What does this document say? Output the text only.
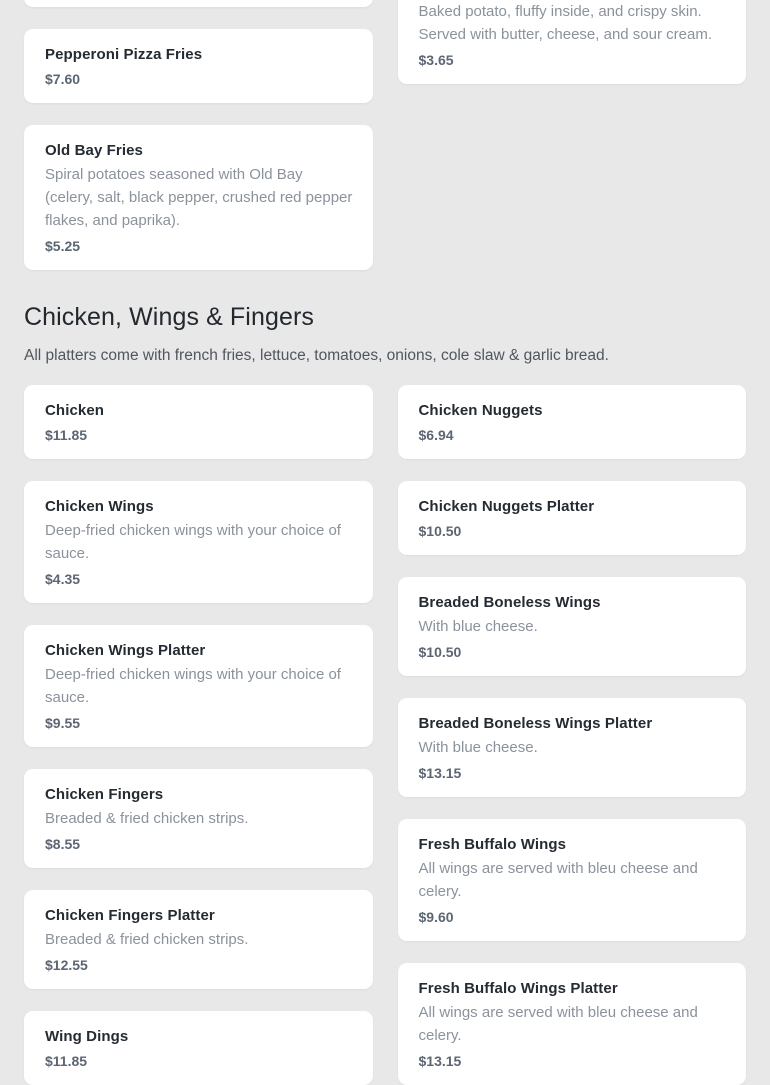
Pepperoni Pizza Fries
$7.60
Old Bay Fries
Spiral potatoes seasoned with Old Bay (celery, salt, black pepper, crushed red pepper flakes, and paprika).
$5.25
Baked potato, fluffy inside, and crispy skin. Served with butter, cheese, and sour cream.
$3.65
Chicken, Wings & Fingers

All platters come with french fries, lettuce, tomatoes, onions, cole slaw & garlic bread.

Chicken
$11.85
Chicken Wings
Deep-fried chicken wings with your choice of sauce.
$4.35
Chicken Wings Platter
Deep-fried chicken wings with your choice of sauce.
$9.55
Chicken Fingers
Breaded & fried chicken strips.
$8.55
Chicken Fingers Platter
Breaded & fried chicken strips.
$12.55
Wing Dings
$11.85
Chicken Nuggets
$6.94
Chicken Nuggets Platter
$10.50
Breaded Boneless Wings
With blue cheese.
$10.50
Breaded Boneless Wings Platter
With blue cheese.
$13.15
Fresh Buffalo Wings
All wings are served with bleu cheese and celery.
$9.60
Fresh Buffalo Wings Platter
All wings are served with bleu cheese and celery.
$13.15
